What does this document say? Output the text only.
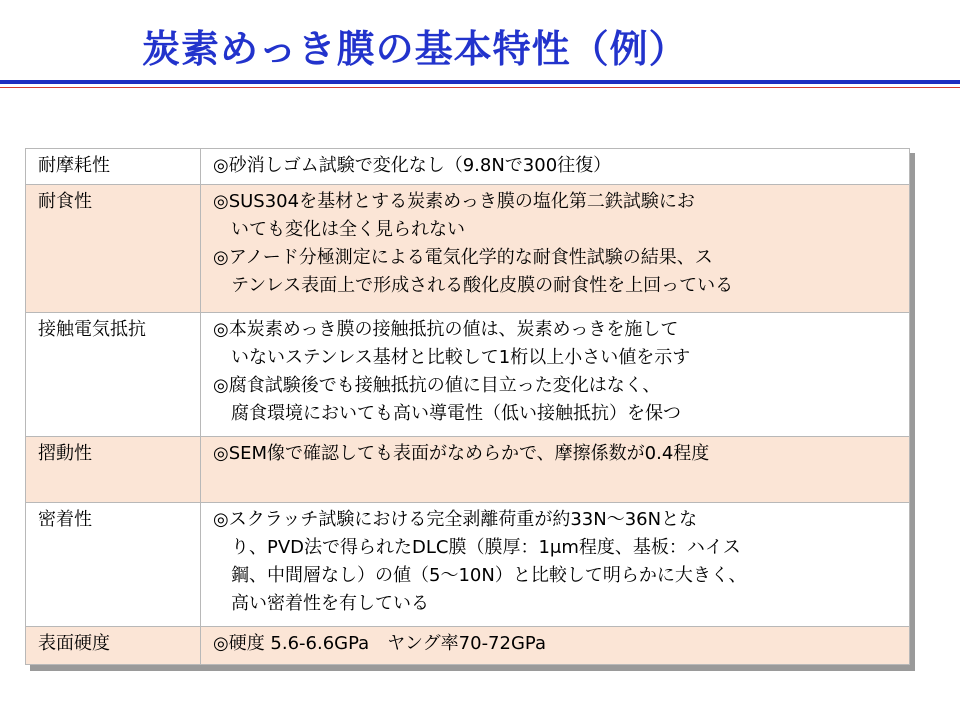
炭素めっき膜の基本特性（例）
耐摩耗性	◎砂消しゴム試験で変化なし（9.8Nで300往復）

耐食性	◎SUS304を基材とする炭素めっき膜の塩化第二鉄試験にお
いても変化は全く見られない
◎アノード分極測定による電気化学的な耐食性試験の結果、ス
テンレス表面上で形成される酸化皮膜の耐食性を上回っている

接触電気抵抗	◎本炭素めっき膜の接触抵抗の値は、炭素めっきを施して
いないステンレス基材と比較して1桁以上小さい値を示す
◎腐食試験後でも接触抵抗の値に目立った変化はなく、
腐食環境においても高い導電性（低い接触抵抗）を保つ

摺動性	◎SEM像で確認しても表面がなめらかで、摩擦係数が0.4程度

密着性	◎スクラッチ試験における完全剥離荷重が約33N～36Nとな
り、PVD法で得られたDLC膜（膜厚：1μm程度、基板：ハイス
鋼、中間層なし）の値（5～10N）と比較して明らかに大きく、
高い密着性を有している

表面硬度	◎硬度 5.6-6.6GPa　ヤング率70-72GPa
